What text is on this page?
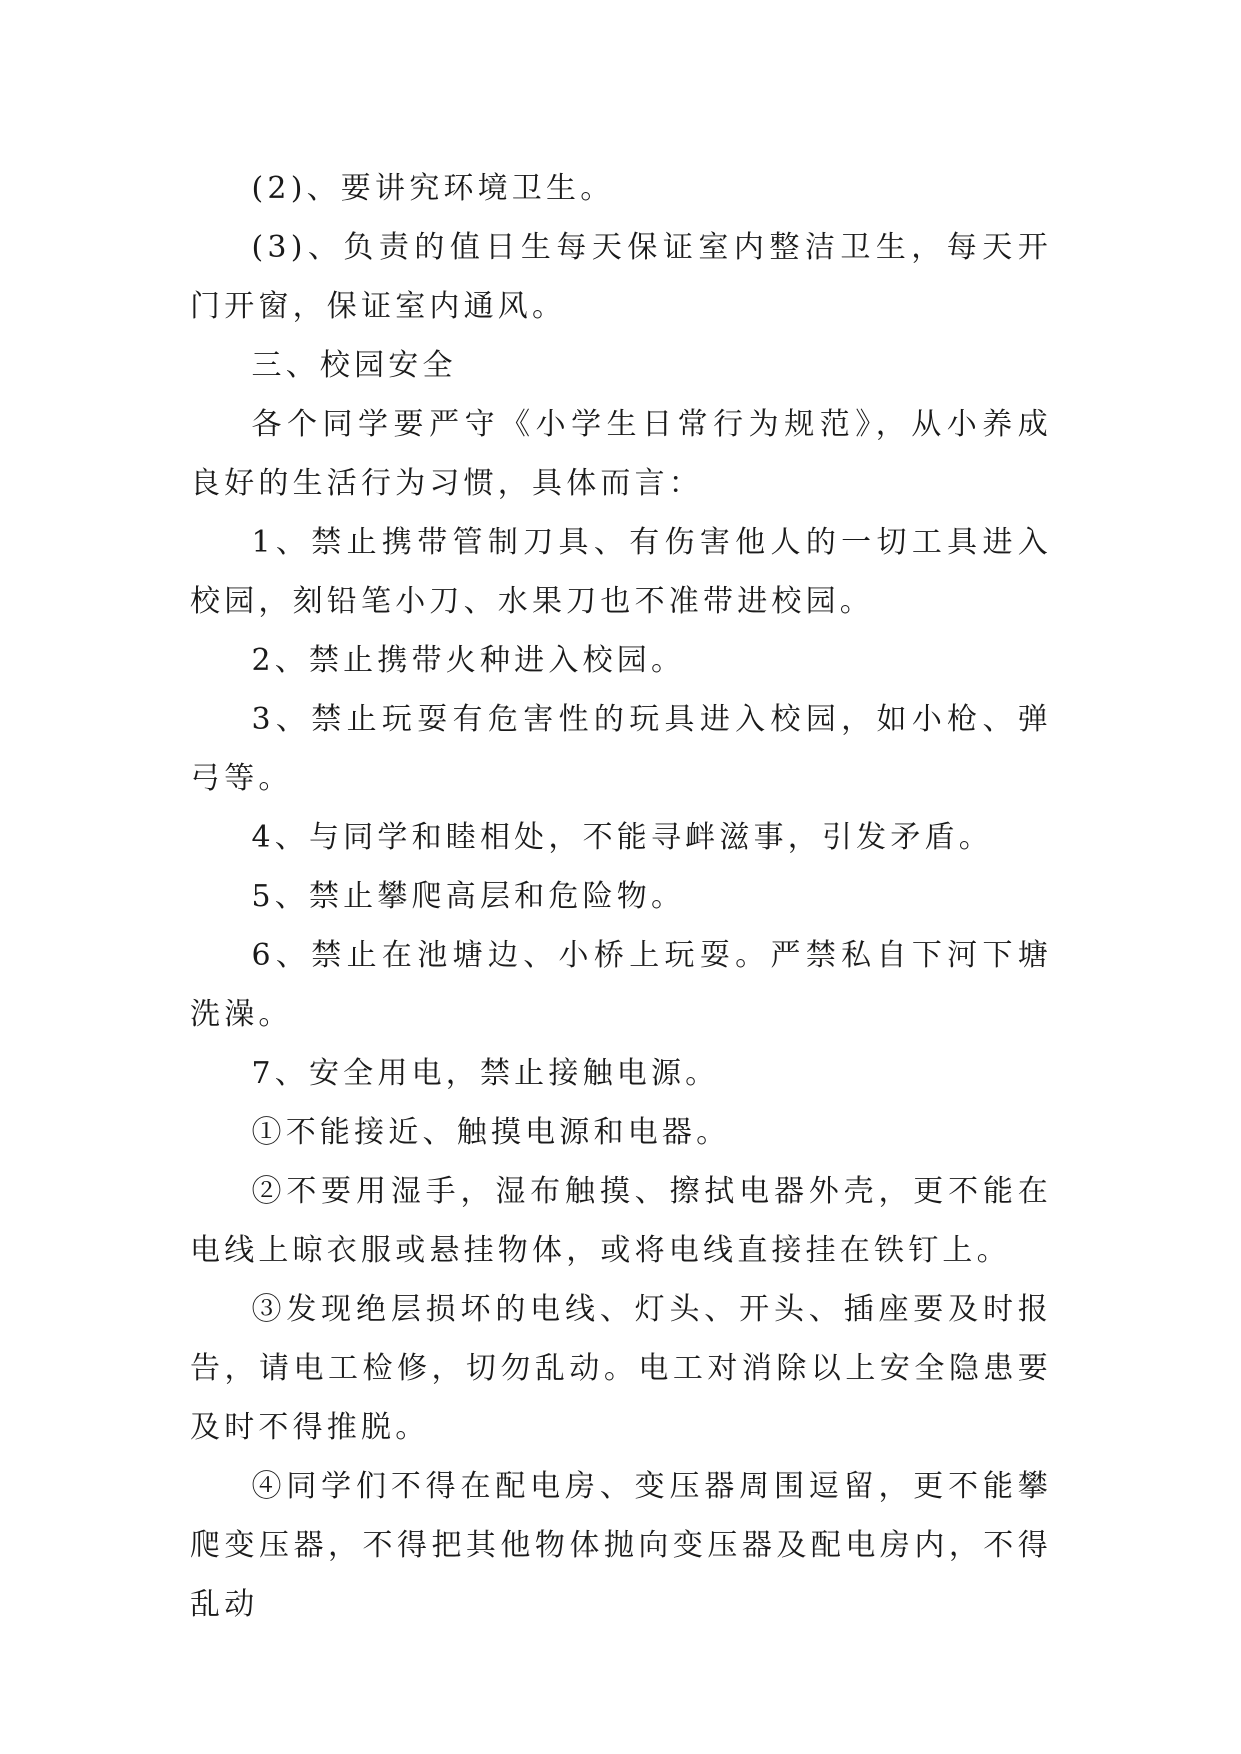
(2)、要讲究环境卫生。

(3)、负责的值日生每天保证室内整洁卫生，每天开门开窗，保证室内通风。

三、校园安全

各个同学要严守《小学生日常行为规范》，从小养成良好的生活行为习惯，具体而言：

1、禁止携带管制刀具、有伤害他人的一切工具进入校园，刻铅笔小刀、水果刀也不准带进校园。

2、禁止携带火种进入校园。

3、禁止玩耍有危害性的玩具进入校园，如小枪、弹弓等。

4、与同学和睦相处，不能寻衅滋事，引发矛盾。

5、禁止攀爬高层和危险物。

6、禁止在池塘边、小桥上玩耍。严禁私自下河下塘洗澡。

7、安全用电，禁止接触电源。

①不能接近、触摸电源和电器。

②不要用湿手，湿布触摸、擦拭电器外壳，更不能在电线上晾衣服或悬挂物体，或将电线直接挂在铁钉上。

③发现绝层损坏的电线、灯头、开头、插座要及时报告，请电工检修，切勿乱动。电工对消除以上安全隐患要及时不得推脱。

④同学们不得在配电房、变压器周围逗留，更不能攀爬变压器，不得把其他物体抛向变压器及配电房内，不得乱动
